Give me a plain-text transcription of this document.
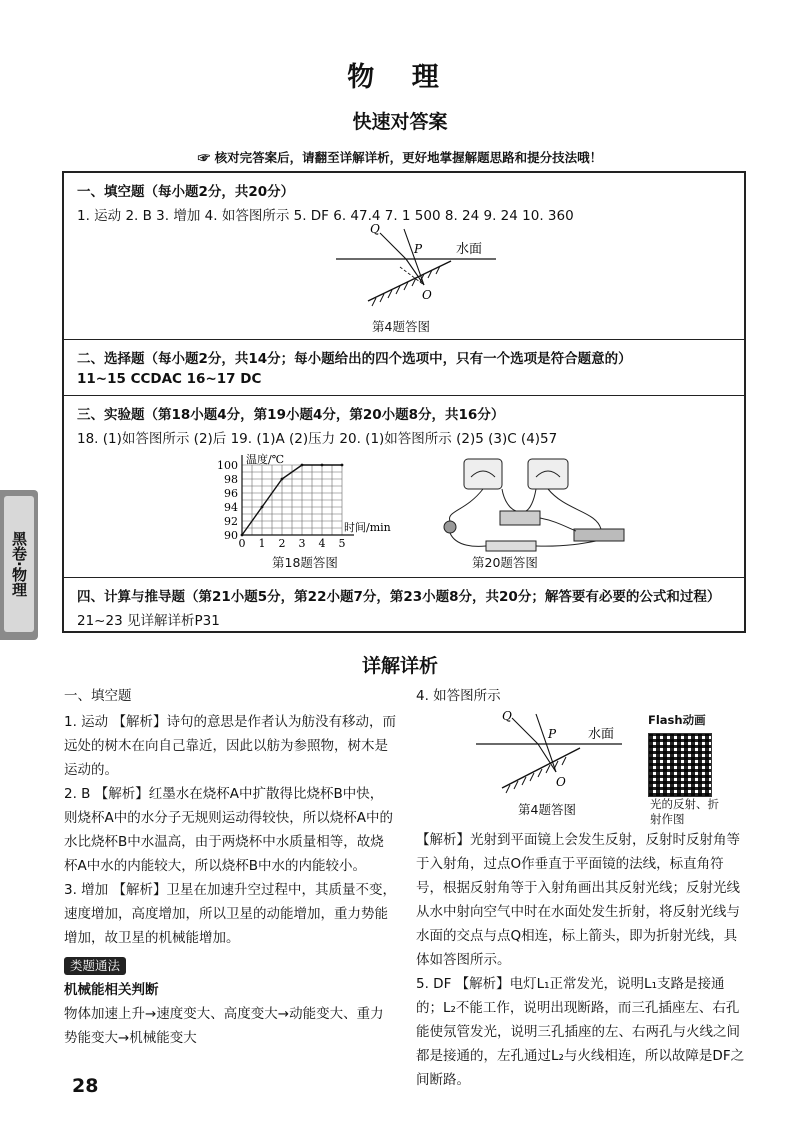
物 理
快速对答案
☞ 核对完答案后，请翻至详解详析，更好地掌握解题思路和提分技法哦！
黑卷·物理
一、填空题（每小题2分，共20分）
1. 运动 2. B 3. 增加 4. 如答图所示 5. DF 6. 47.4 7. 1 500 8. 24 9. 24 10. 360
Q
P
O
水面
第4题答图
二、选择题（每小题2分，共14分；每小题给出的四个选项中，只有一个选项是符合题意的）
11~15 CCDAC 16~17 DC
三、实验题（第18小题4分，第19小题4分，第20小题8分，共16分）
18. (1)如答图所示 (2)后 19. (1)A (2)压力 20. (1)如答图所示 (2)5 (3)C (4)57
90
92
94
96
98
100
0 1 2 3 4 5
温度/℃
时间/min
第18题答图	第20题答图
四、计算与推导题（第21小题5分，第22小题7分，第23小题8分，共20分；解答要有必要的公式和过程）
21~23 见详解详析P31
详解详析
一、填空题
1. 运动 【解析】诗句的意思是作者认为舫没有移动，而远处的树木在向自己靠近，因此以舫为参照物，树木是运动的。
2. B 【解析】红墨水在烧杯A中扩散得比烧杯B中快，则烧杯A中的水分子无规则运动得较快，所以烧杯A中的水比烧杯B中水温高，由于两烧杯中水质量相等，故烧杯A中水的内能较大，所以烧杯B中水的内能较小。
3. 增加 【解析】卫星在加速升空过程中，其质量不变，速度增加，高度增加，所以卫星的动能增加，重力势能增加，故卫星的机械能增加。
类题通法
机械能相关判断
物体加速上升→速度变大、高度变大→动能变大、重力势能变大→机械能变大
4. 如答图所示
Q
P
O
水面
第4题答图
Flash动画
光的反射、折射作图
【解析】光射到平面镜上会发生反射，反射时反射角等于入射角，过点O作垂直于平面镜的法线，标直角符号，根据反射角等于入射角画出其反射光线；反射光线从水中射向空气中时在水面处发生折射，将反射光线与水面的交点与点Q相连，标上箭头，即为折射光线，具体如答图所示。
5. DF 【解析】电灯L₁正常发光，说明L₁支路是接通的；L₂不能工作，说明出现断路，而三孔插座左、右孔能使氖管发光，说明三孔插座的左、右两孔与火线之间都是接通的，左孔通过L₂与火线相连，所以故障是DF之间断路。
28
